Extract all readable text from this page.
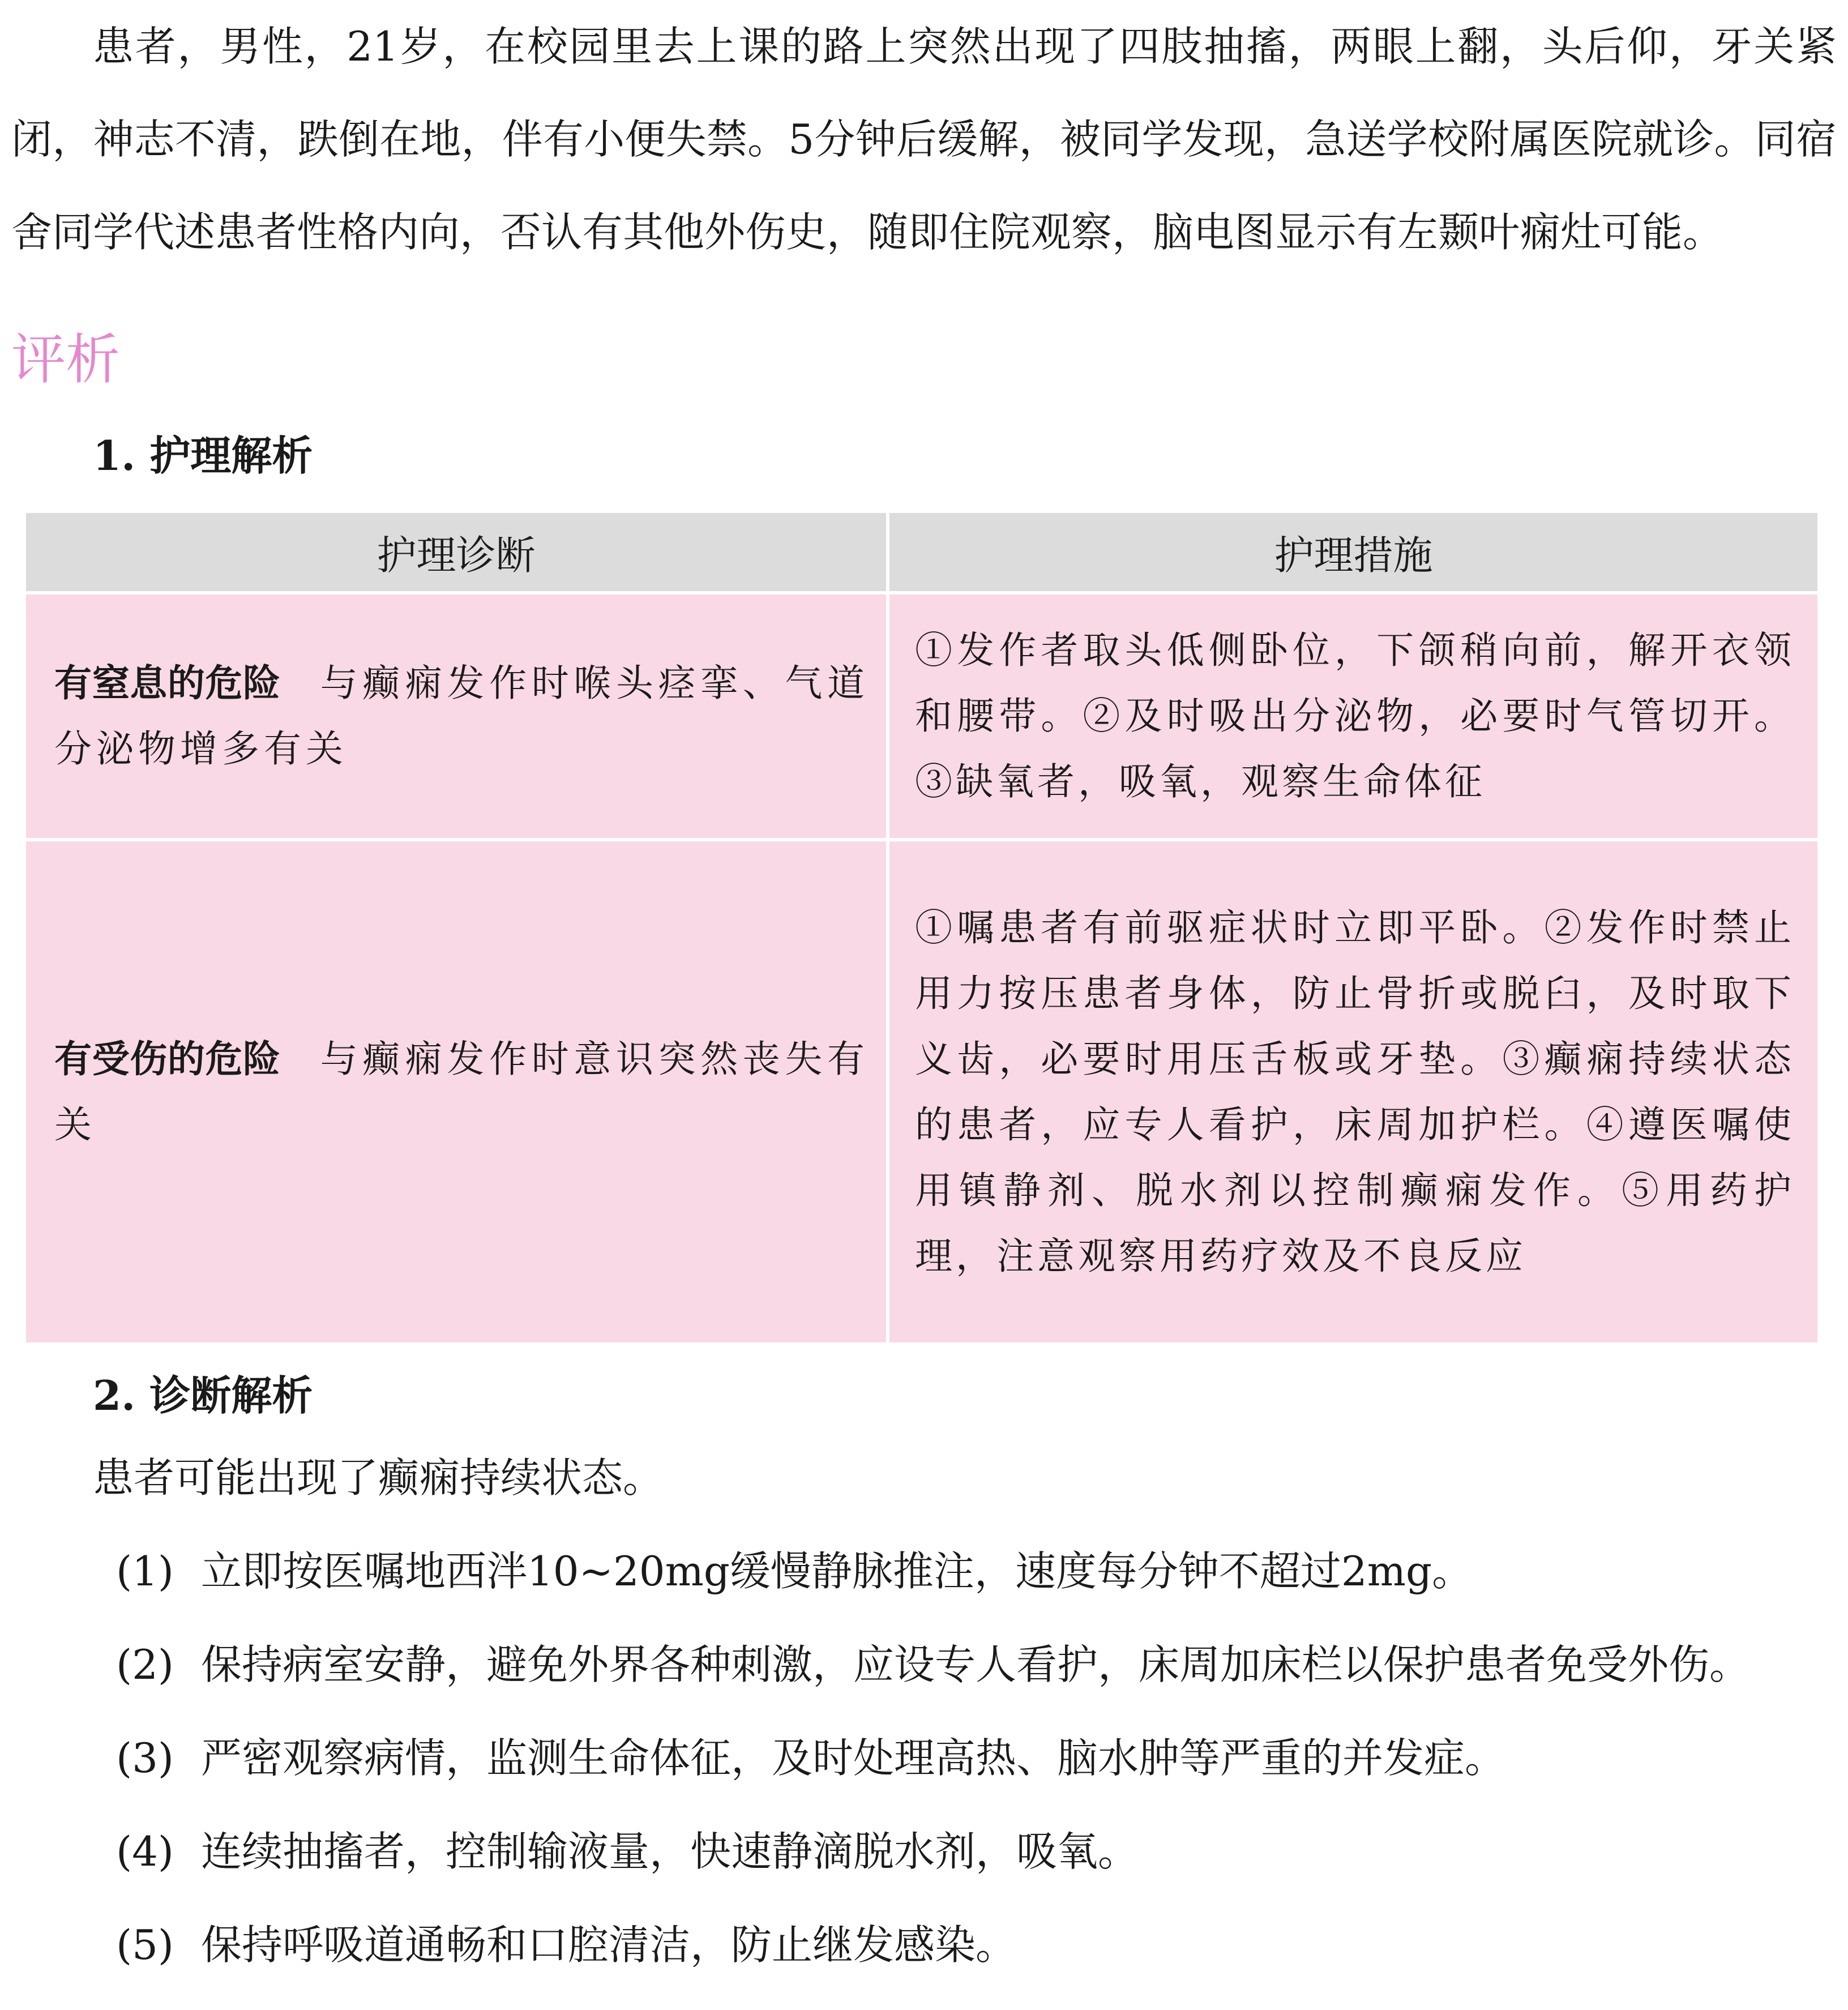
患者，男性，21岁，在校园里去上课的路上突然出现了四肢抽搐，两眼上翻，头后仰，牙关紧闭，神志不清，跌倒在地，伴有小便失禁。5分钟后缓解，被同学发现，急送学校附属医院就诊。同宿舍同学代述患者性格内向，否认有其他外伤史，随即住院观察，脑电图显示有左颞叶痫灶可能。

评析
1. 护理解析
护理诊断	护理措施

有窒息的危险 与癫痫发作时喉头痉挛、气道分泌物增多有关	①发作者取头低侧卧位，下颌稍向前，解开衣领和腰带。②及时吸出分泌物，必要时气管切开。③缺氧者，吸氧，观察生命体征

有受伤的危险 与癫痫发作时意识突然丧失有关	①嘱患者有前驱症状时立即平卧。②发作时禁止用力按压患者身体，防止骨折或脱臼，及时取下义齿，必要时用压舌板或牙垫。③癫痫持续状态的患者，应专人看护，床周加护栏。④遵医嘱使用镇静剂、脱水剂以控制癫痫发作。⑤用药护理，注意观察用药疗效及不良反应
2. 诊断解析

患者可能出现了癫痫持续状态。

(1) 立即按医嘱地西泮10~20mg缓慢静脉推注，速度每分钟不超过2mg。
(2) 保持病室安静，避免外界各种刺激，应设专人看护，床周加床栏以保护患者免受外伤。
(3) 严密观察病情，监测生命体征，及时处理高热、脑水肿等严重的并发症。
(4) 连续抽搐者，控制输液量，快速静滴脱水剂，吸氧。
(5) 保持呼吸道通畅和口腔清洁，防止继发感染。
